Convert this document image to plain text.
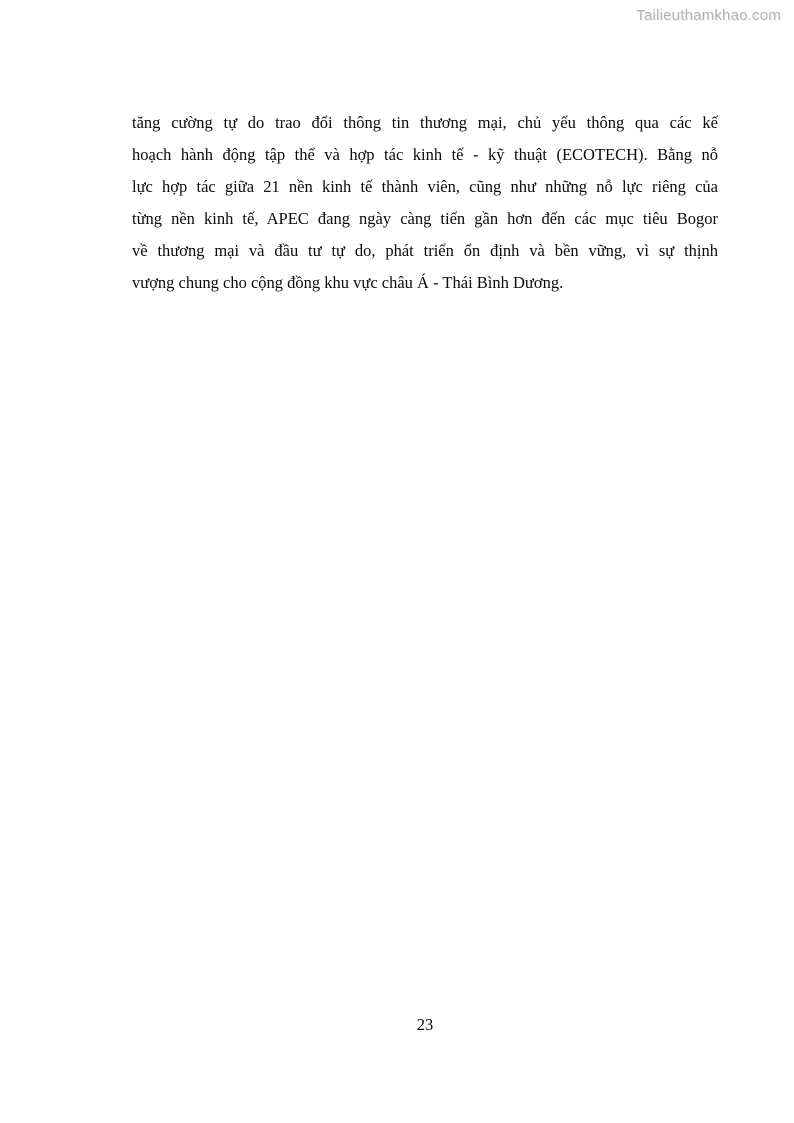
Tailieuthamkhao.com
tăng cường tự do trao đổi thông tin thương mại, chủ yếu thông qua các kế
hoạch hành động tập thể và hợp tác kinh tế - kỹ thuật (ECOTECH). Bằng nỗ
lực hợp tác giữa 21 nền kinh tế thành viên, cũng như những nỗ lực riêng của
từng nền kinh tế, APEC đang ngày càng tiến gần hơn đến các mục tiêu Bogor
về thương mại và đầu tư tự do, phát triển ổn định và bền vững, vì sự thịnh
vượng chung cho cộng đồng khu vực châu Á - Thái Bình Dương.
23
